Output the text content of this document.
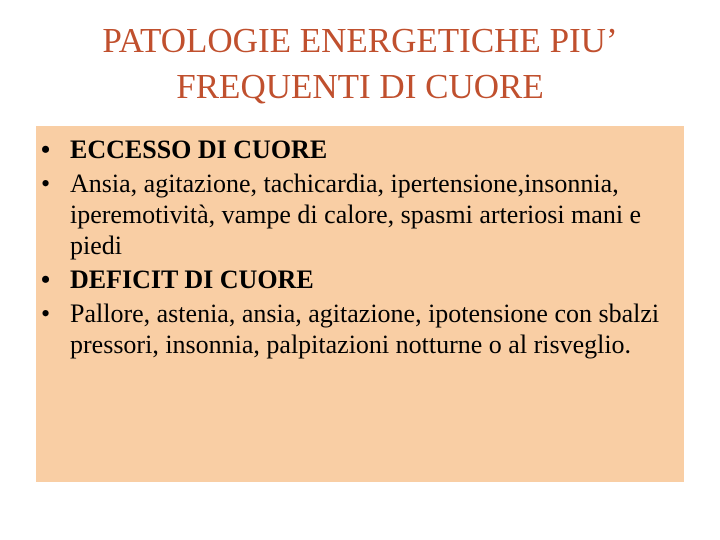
PATOLOGIE ENERGETICHE PIU’
FREQUENTI DI CUORE
• ECCESSO DI CUORE
• Ansia, agitazione, tachicardia, ipertensione,insonnia, iperemotività, vampe di calore, spasmi arteriosi mani e piedi
• DEFICIT DI CUORE
• Pallore, astenia, ansia, agitazione, ipotensione con sbalzi pressori, insonnia, palpitazioni notturne o al risveglio.
